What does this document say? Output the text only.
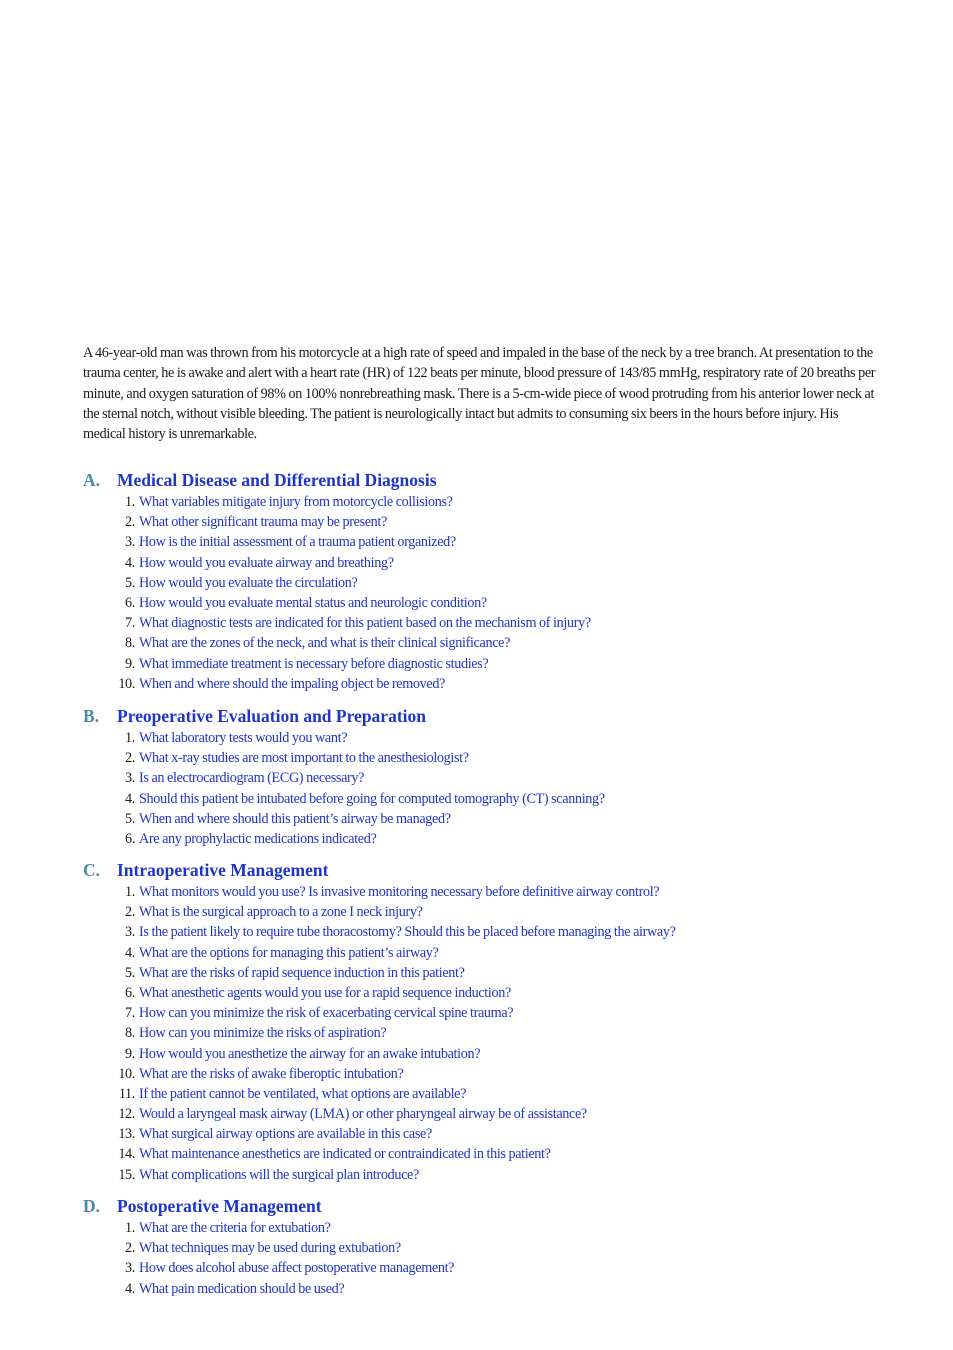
A 46-year-old man was thrown from his motorcycle at a high rate of speed and impaled in the base of the neck by a tree branch. At presentation to the trauma center, he is awake and alert with a heart rate (HR) of 122 beats per minute, blood pressure of 143/85 mmHg, respiratory rate of 20 breaths per minute, and oxygen saturation of 98% on 100% nonrebreathing mask. There is a 5-cm-wide piece of wood protruding from his anterior lower neck at the sternal notch, without visible bleeding. The patient is neurologically intact but admits to consuming six beers in the hours before injury. His medical history is unremarkable.

A. Medical Disease and Differential Diagnosis
1. What variables mitigate injury from motorcycle collisions?
2. What other significant trauma may be present?
3. How is the initial assessment of a trauma patient organized?
4. How would you evaluate airway and breathing?
5. How would you evaluate the circulation?
6. How would you evaluate mental status and neurologic condition?
7. What diagnostic tests are indicated for this patient based on the mechanism of injury?
8. What are the zones of the neck, and what is their clinical significance?
9. What immediate treatment is necessary before diagnostic studies?
10. When and where should the impaling object be removed?
B. Preoperative Evaluation and Preparation
1. What laboratory tests would you want?
2. What x-ray studies are most important to the anesthesiologist?
3. Is an electrocardiogram (ECG) necessary?
4. Should this patient be intubated before going for computed tomography (CT) scanning?
5. When and where should this patient’s airway be managed?
6. Are any prophylactic medications indicated?
C. Intraoperative Management
1. What monitors would you use? Is invasive monitoring necessary before definitive airway control?
2. What is the surgical approach to a zone I neck injury?
3. Is the patient likely to require tube thoracostomy? Should this be placed before managing the airway?
4. What are the options for managing this patient’s airway?
5. What are the risks of rapid sequence induction in this patient?
6. What anesthetic agents would you use for a rapid sequence induction?
7. How can you minimize the risk of exacerbating cervical spine trauma?
8. How can you minimize the risks of aspiration?
9. How would you anesthetize the airway for an awake intubation?
10. What are the risks of awake fiberoptic intubation?
11. If the patient cannot be ventilated, what options are available?
12. Would a laryngeal mask airway (LMA) or other pharyngeal airway be of assistance?
13. What surgical airway options are available in this case?
14. What maintenance anesthetics are indicated or contraindicated in this patient?
15. What complications will the surgical plan introduce?
D. Postoperative Management
1. What are the criteria for extubation?
2. What techniques may be used during extubation?
3. How does alcohol abuse affect postoperative management?
4. What pain medication should be used?
